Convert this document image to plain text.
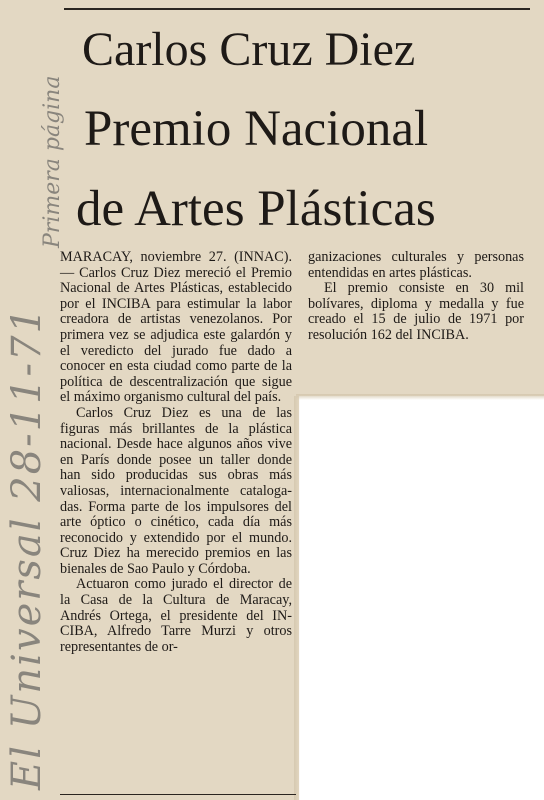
Carlos Cruz Diez
Premio Nacional
de Artes Plásticas

MARACAY, noviembre 27. (INNAC).— Carlos Cruz Diez mereció el Premio Nacional de Artes Plásticas, establecido por el INCIBA para estimular la labor creadora de artistas venezolanos. Por primera vez se adjudica este galardón y el veredicto del jurado fue dado a conocer en esta ciudad como parte de la política de descentralización que sigue el máximo organismo cultural del país.

Carlos Cruz Diez es una de las figuras más brillantes de la plástica nacional. Desde hace algunos años vive en París donde posee un taller donde han sido producidas sus obras más valiosas, internacionalmente catalogadas. Forma parte de los impulsores del arte óptico o cinético, cada día más reconocido y extendido por el mundo. Cruz Diez ha merecido premios en las bienales de Sao Paulo y Córdoba.

Actuaron como jurado el director de la Casa de la Cultura de Maracay, Andrés Ortega, el presidente del INCIBA, Alfredo Tarre Murzi y otros representantes de or-

ganizaciones culturales y personas entendidas en artes plásticas.

El premio consiste en 30 mil bolívares, diploma y medalla y fue creado el 15 de julio de 1971 por resolución 162 del INCIBA.

El Universal 28-11-71
Primera página
